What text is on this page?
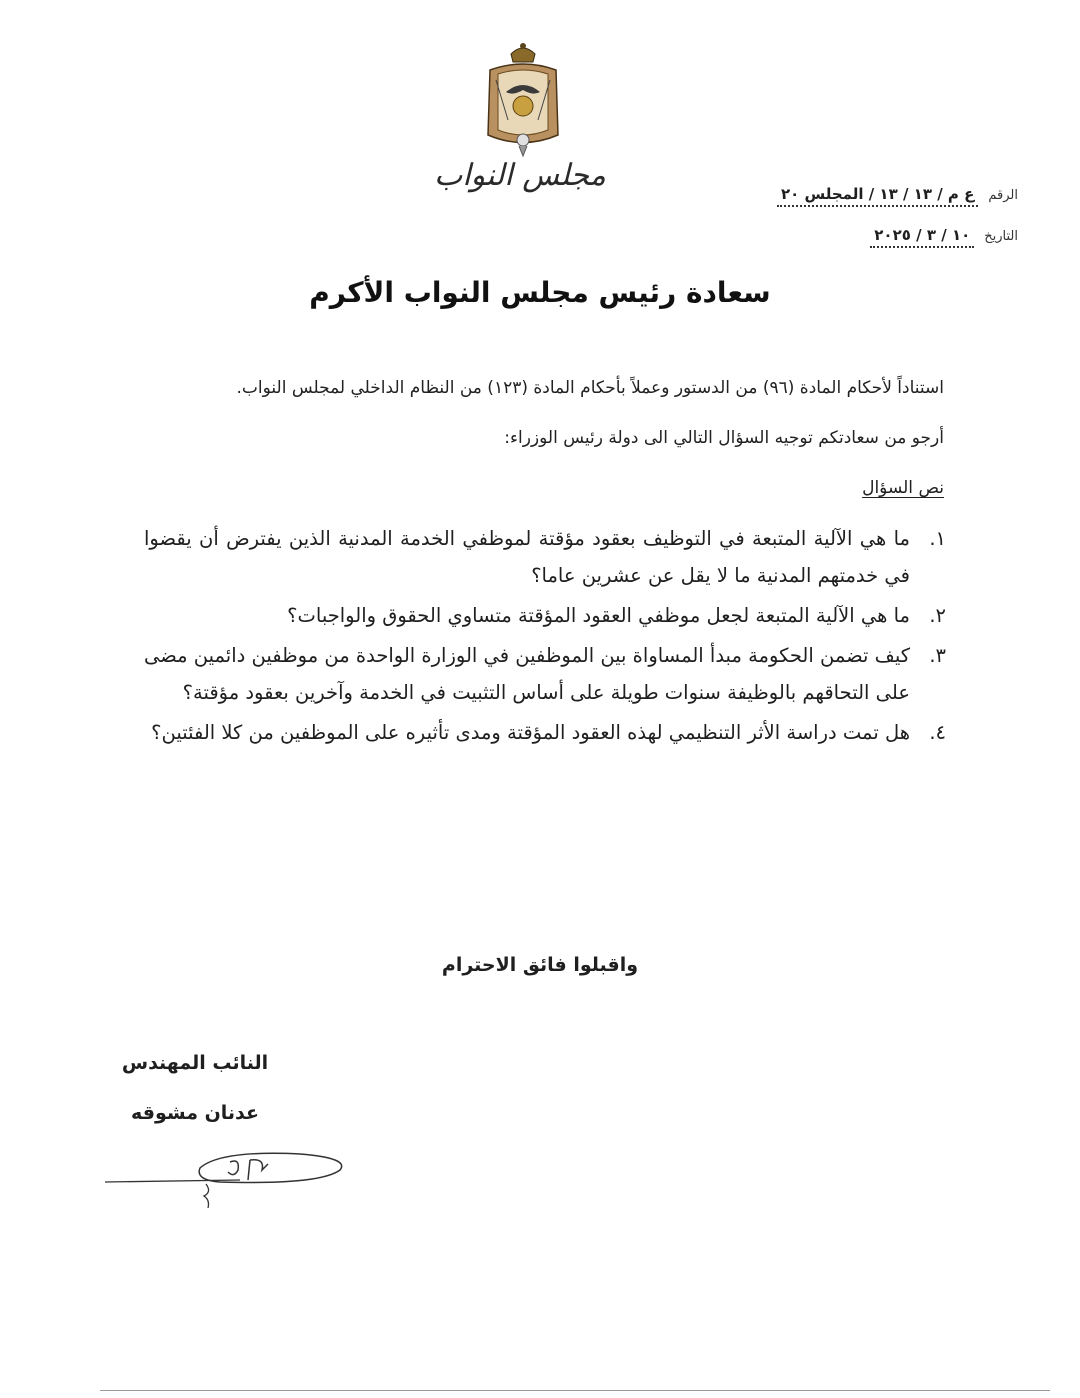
مجلس النواب
الرقم
ع م / ١٣ / ١٣ / المجلس ٢٠
التاريخ
١٠ / ٣ / ٢٠٢٥
سعادة رئيس مجلس النواب الأكرم
استناداً لأحكام المادة (٩٦) من الدستور وعملاً بأحكام المادة (١٢٣) من النظام الداخلي لمجلس النواب.
أرجو من سعادتكم توجيه السؤال التالي الى دولة رئيس الوزراء:
نص السؤال
١.
ما هي الآلية المتبعة في التوظيف بعقود مؤقتة لموظفي الخدمة المدنية الذين يفترض أن يقضوا في خدمتهم المدنية ما لا يقل عن عشرين عاما؟
٢.
ما هي الآلية المتبعة لجعل موظفي العقود المؤقتة متساوي الحقوق والواجبات؟
٣.
كيف تضمن الحكومة مبدأ المساواة بين الموظفين في الوزارة الواحدة من موظفين دائمين مضى على التحاقهم بالوظيفة سنوات طويلة على أساس التثبيت في الخدمة وآخرين بعقود مؤقتة؟
٤.
هل تمت دراسة الأثر التنظيمي لهذه العقود المؤقتة ومدى تأثيره على الموظفين من كلا الفئتين؟
واقبلوا فائق الاحترام
النائب المهندس
عدنان مشوقه
